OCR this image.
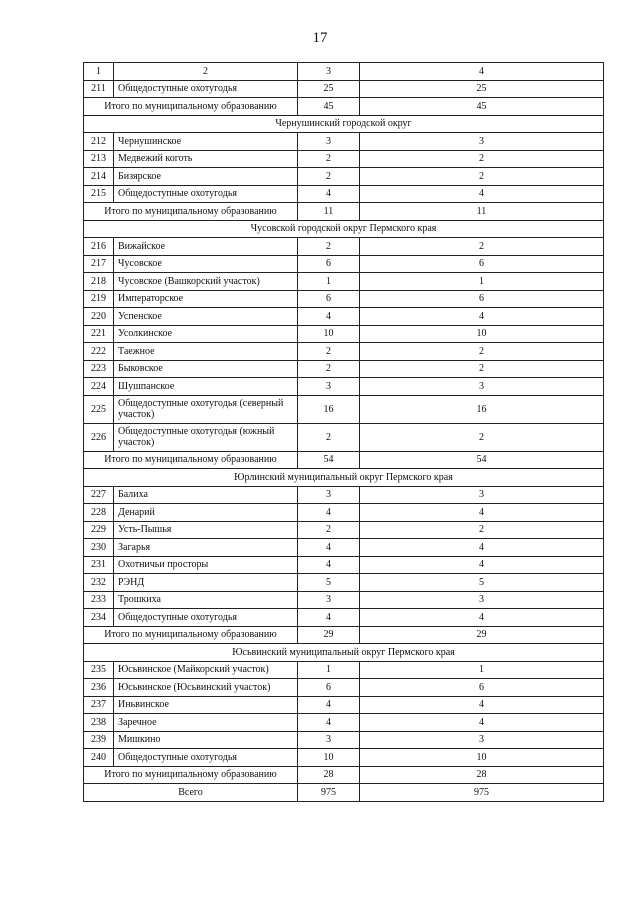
17
1	2	3	4
211	Общедоступные охотугодья	25	25
Итого по муниципальному образованию		45	45
Чернушинский городской округ			
212	Чернушинское	3	3
213	Медвежий коготь	2	2
214	Бизярское	2	2
215	Общедоступные охотугодья	4	4
Итого по муниципальному образованию		11	11
Чусовской городской округ Пермского края			
216	Вижайское	2	2
217	Чусовское	6	6
218	Чусовское (Вашкорский участок)	1	1
219	Императорское	6	6
220	Успенское	4	4
221	Усолкинское	10	10
222	Таежное	2	2
223	Быковское	2	2
224	Шушпанское	3	3
225	Общедоступные охотугодья (северный участок)	16	16
226	Общедоступные охотугодья (южный участок)	2	2
Итого по муниципальному образованию		54	54
Юрлинский муниципальный округ Пермского края			
227	Балиха	3	3
228	Денарий	4	4
229	Усть-Пышья	2	2
230	Загарья	4	4
231	Охотничьи просторы	4	4
232	РЭНД	5	5
233	Трошкиха	3	3
234	Общедоступные охотугодья	4	4
Итого по муниципальному образованию		29	29
Юсьвинский муниципальный округ Пермского края			
235	Юсьвинское (Майкорский участок)	1	1
236	Юсьвинское (Юсьвинский участок)	6	6
237	Иньвинское	4	4
238	Заречное	4	4
239	Мишкино	3	3
240	Общедоступные охотугодья	10	10
Итого по муниципальному образованию		28	28
Всего		975	975
